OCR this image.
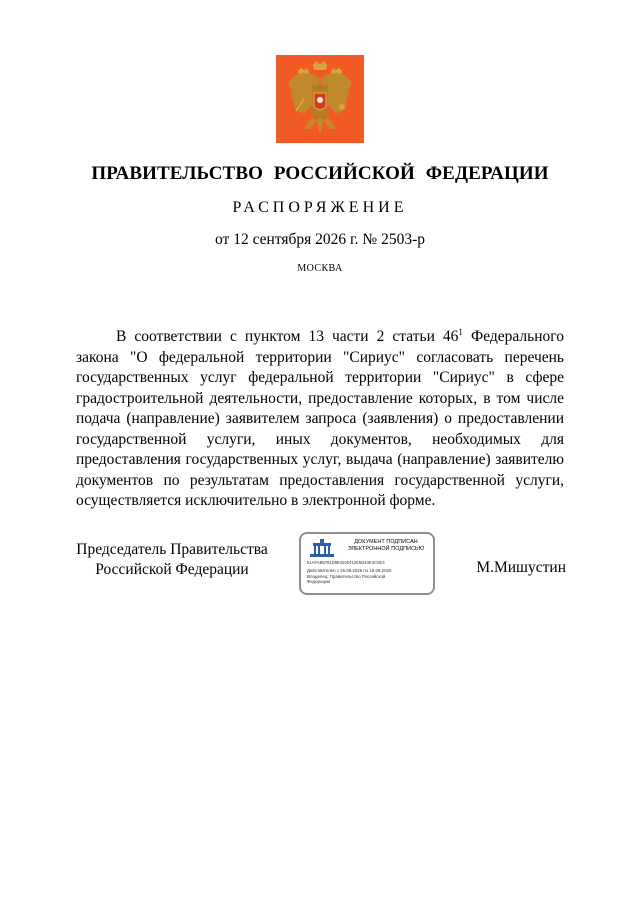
ПРАВИТЕЛЬСТВО РОССИЙСКОЙ ФЕДЕРАЦИИ
РАСПОРЯЖЕНИЕ
от 12 сентября 2026 г. № 2503-р
МОСКВА

В соответствии с пунктом 13 части 2 статьи $46^1$ Федерального закона "О федеральной территории "Сириус" согласовать перечень государственных услуг федеральной территории "Сириус" в сфере градостроительной деятельности, предоставление которых, в том числе подача (направление) заявителем запроса (заявления) о предоставлении государственной услуги, иных документов, необходимых для предоставления государственных услуг, выдача (направление) заявителю документов по результатам предоставления государственной услуги, осуществляется исключительно в электронной форме.

Председатель Правительства
Российской Федерации
ДОКУМЕНТ ПОДПИСАН
ЭЛЕКТРОННОЙ ПОДПИСЬЮ
51AFAB8781D8E4200412E5D43E3C0E3
Действителен с 26.06.2025 по 19.09.2026
Владелец: Правительство Российской
Федерации
М.Мишустин
